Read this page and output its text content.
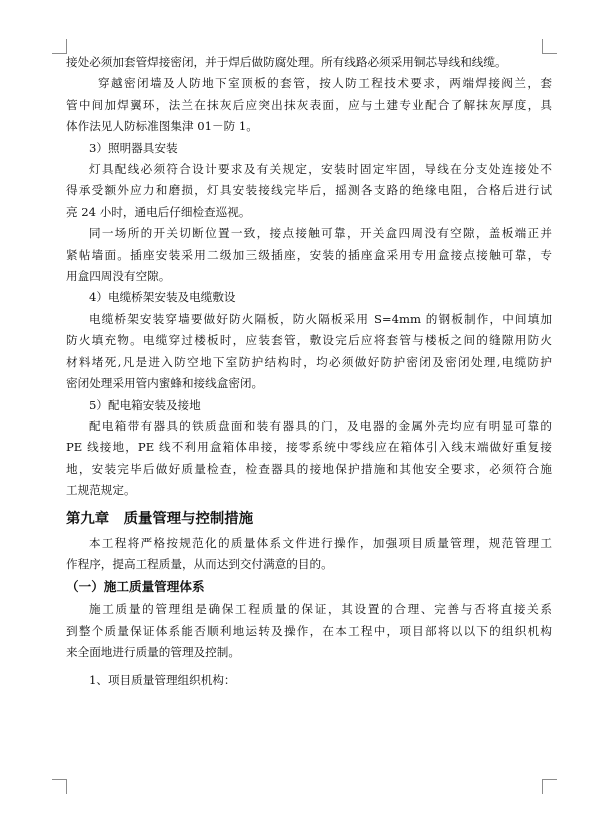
接处必须加套管焊接密闭，并于焊后做防腐处理。所有线路必须采用铜芯导线和线缆。
穿越密闭墙及人防地下室顶板的套管，按人防工程技术要求，两端焊接阀兰，套
管中间加焊翼环，法兰在抹灰后应突出抹灰表面，应与土建专业配合了解抹灰厚度，具
体作法见人防标准图集津 01－防 1。
3）照明器具安装
灯具配线必须符合设计要求及有关规定，安装时固定牢固，导线在分支处连接处不
得承受额外应力和磨损，灯具安装接线完毕后，摇测各支路的绝缘电阻，合格后进行试
亮 24 小时，通电后仔细检查巡视。
同一场所的开关切断位置一致，接点接触可靠，开关盒四周没有空隙，盖板端正并
紧帖墙面。插座安装采用二级加三级插座，安装的插座盒采用专用盒接点接触可靠，专
用盒四周没有空隙。
4）电缆桥架安装及电缆敷设
电缆桥架安装穿墙要做好防火隔板，防火隔板采用 S=4mm 的钢板制作，中间填加
防火填充物。电缆穿过楼板时，应装套管，敷设完后应将套管与楼板之间的缝隙用防火
材料堵死,凡是进入防空地下室防护结构时，均必须做好防护密闭及密闭处理,电缆防护
密闭处理采用管内蜜蜂和接线盒密闭。
5）配电箱安装及接地
配电箱带有器具的铁质盘面和装有器具的门，及电器的金属外壳均应有明显可靠的
PE 线接地，PE 线不利用盒箱体串接，接零系统中零线应在箱体引入线末端做好重复接
地，安装完毕后做好质量检查，检查器具的接地保护措施和其他安全要求，必须符合施
工规范规定。
第九章　质量管理与控制措施
本工程将严格按规范化的质量体系文件进行操作，加强项目质量管理，规范管理工
作程序，提高工程质量，从而达到交付满意的目的。
（一）施工质量管理体系
施工质量的管理组是确保工程质量的保证，其设置的合理、完善与否将直接关系
到整个质量保证体系能否顺利地运转及操作，在本工程中，项目部将以以下的组织机构
来全面地进行质量的管理及控制。
1、项目质量管理组织机构：
